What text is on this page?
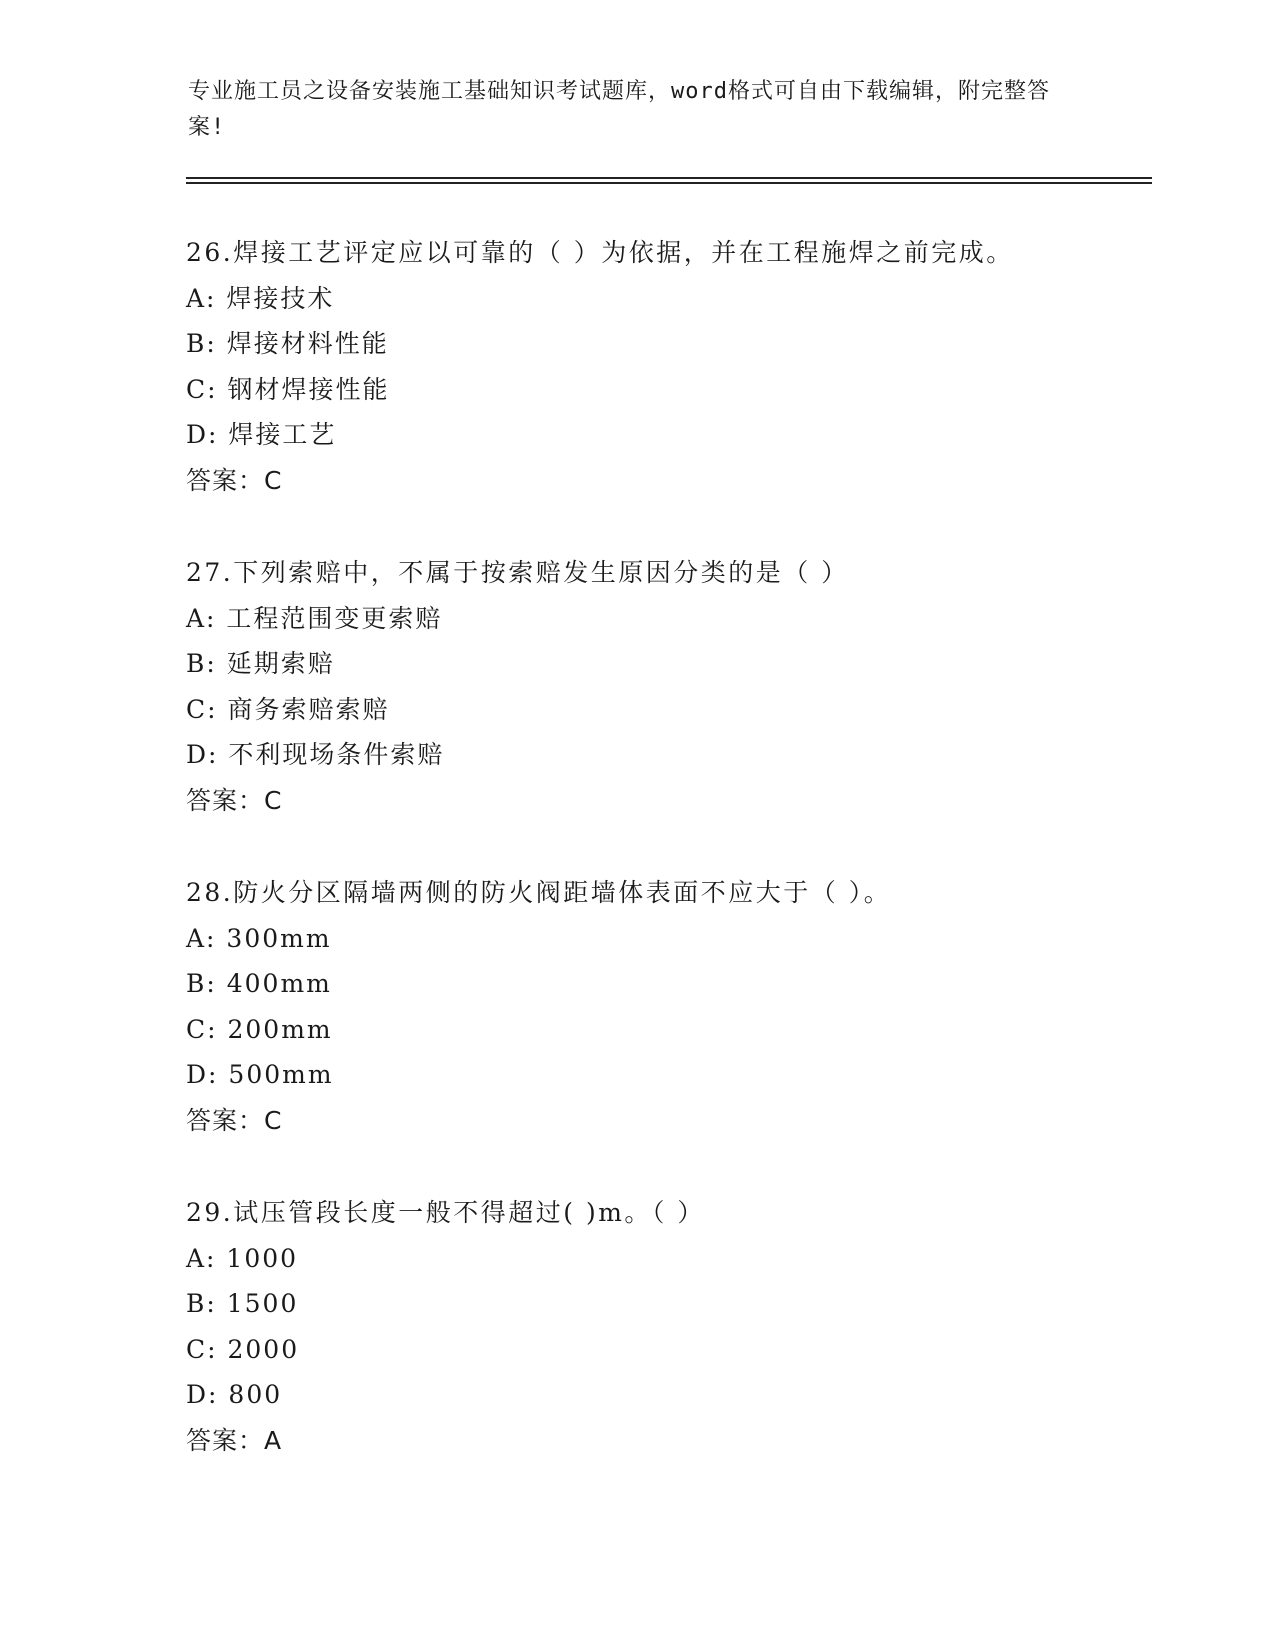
专业施工员之设备安装施工基础知识考试题库，word格式可自由下载编辑，附完整答案!
26.焊接工艺评定应以可靠的（ ）为依据，并在工程施焊之前完成。
A: 焊接技术
B: 焊接材料性能
C: 钢材焊接性能
D: 焊接工艺
答案：C
27.下列索赔中，不属于按索赔发生原因分类的是（ ）
A: 工程范围变更索赔
B: 延期索赔
C: 商务索赔索赔
D: 不利现场条件索赔
答案：C
28.防火分区隔墙两侧的防火阀距墙体表面不应大于（ ）。
A: 300mm
B: 400mm
C: 200mm
D: 500mm
答案：C
29.试压管段长度一般不得超过( )m。（ ）
A: 1000
B: 1500
C: 2000
D: 800
答案：A
